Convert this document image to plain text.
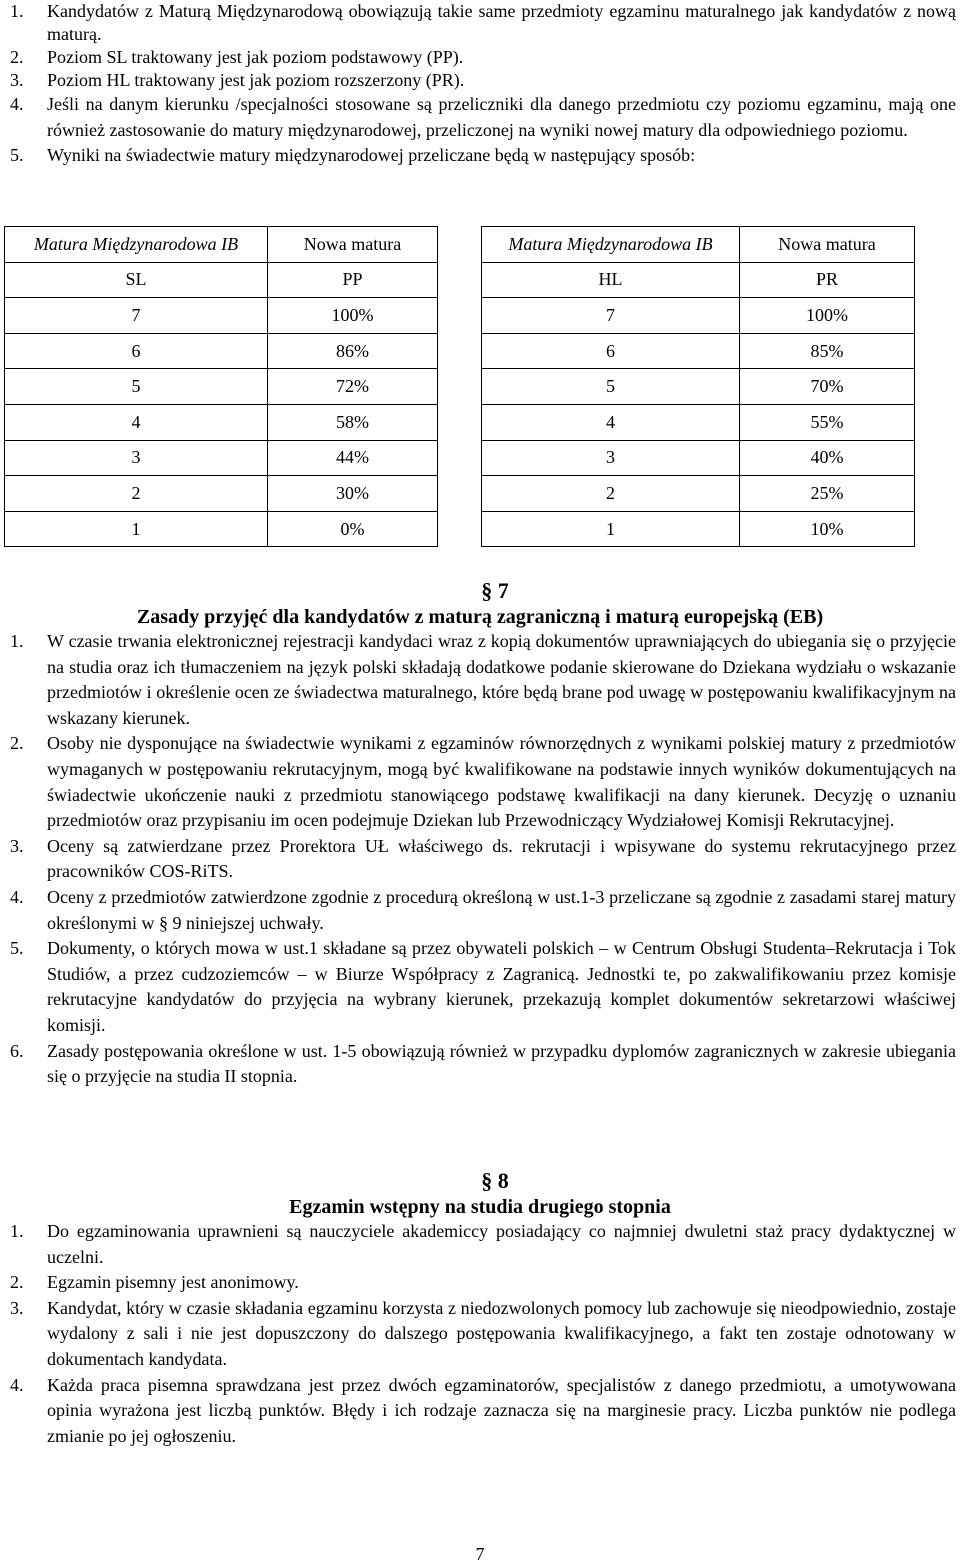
1. Kandydatów z Maturą Międzynarodową obowiązują takie same przedmioty egzaminu maturalnego jak kandydatów z nową maturą.
2. Poziom SL traktowany jest jak poziom podstawowy (PP).
3. Poziom HL traktowany jest jak poziom rozszerzony (PR).
4. Jeśli na danym kierunku /specjalności stosowane są przeliczniki dla danego przedmiotu czy poziomu egzaminu, mają one również zastosowanie do matury międzynarodowej, przeliczonej na wyniki nowej matury dla odpowiedniego poziomu.
5. Wyniki na świadectwie matury międzynarodowej przeliczane będą w następujący sposób:
Matura Międzynarodowa IB	Nowa matura
SL	PP
7	100%
6	86%
5	72%
4	58%
3	44%
2	30%
1	0%
Matura Międzynarodowa IB	Nowa matura
HL	PR
7	100%
6	85%
5	70%
4	55%
3	40%
2	25%
1	10%
§ 7
Zasady przyjęć dla kandydatów z maturą zagraniczną i maturą europejską (EB)
1. W czasie trwania elektronicznej rejestracji kandydaci wraz z kopią dokumentów uprawniających do ubiegania się o przyjęcie na studia oraz ich tłumaczeniem na język polski składają dodatkowe podanie skierowane do Dziekana wydziału o wskazanie przedmiotów i określenie ocen ze świadectwa maturalnego, które będą brane pod uwagę w postępowaniu kwalifikacyjnym na wskazany kierunek.
2. Osoby nie dysponujące na świadectwie wynikami z egzaminów równorzędnych z wynikami polskiej matury z przedmiotów wymaganych w postępowaniu rekrutacyjnym, mogą być kwalifikowane na podstawie innych wyników dokumentujących na świadectwie ukończenie nauki z przedmiotu stanowiącego podstawę kwalifikacji na dany kierunek. Decyzję o uznaniu przedmiotów oraz przypisaniu im ocen podejmuje Dziekan lub Przewodniczący Wydziałowej Komisji Rekrutacyjnej.
3. Oceny są zatwierdzane przez Prorektora UŁ właściwego ds. rekrutacji i wpisywane do systemu rekrutacyjnego przez pracowników COS-RiTS.
4. Oceny z przedmiotów zatwierdzone zgodnie z procedurą określoną w ust.1-3 przeliczane są zgodnie z zasadami starej matury określonymi w § 9 niniejszej uchwały.
5. Dokumenty, o których mowa w ust.1 składane są przez obywateli polskich – w Centrum Obsługi Studenta–Rekrutacja i Tok Studiów, a przez cudzoziemców – w Biurze Współpracy z Zagranicą. Jednostki te, po zakwalifikowaniu przez komisje rekrutacyjne kandydatów do przyjęcia na wybrany kierunek, przekazują komplet dokumentów sekretarzowi właściwej komisji.
6. Zasady postępowania określone w ust. 1-5 obowiązują również w przypadku dyplomów zagranicznych w zakresie ubiegania się o przyjęcie na studia II stopnia.
§ 8
Egzamin wstępny na studia drugiego stopnia
1. Do egzaminowania uprawnieni są nauczyciele akademiccy posiadający co najmniej dwuletni staż pracy dydaktycznej w uczelni.
2. Egzamin pisemny jest anonimowy.
3. Kandydat, który w czasie składania egzaminu korzysta z niedozwolonych pomocy lub zachowuje się nieodpowiednio, zostaje wydalony z sali i nie jest dopuszczony do dalszego postępowania kwalifikacyjnego, a fakt ten zostaje odnotowany w dokumentach kandydata.
4. Każda praca pisemna sprawdzana jest przez dwóch egzaminatorów, specjalistów z danego przedmiotu, a umotywowana opinia wyrażona jest liczbą punktów. Błędy i ich rodzaje zaznacza się na marginesie pracy. Liczba punktów nie podlega zmianie po jej ogłoszeniu.
7
